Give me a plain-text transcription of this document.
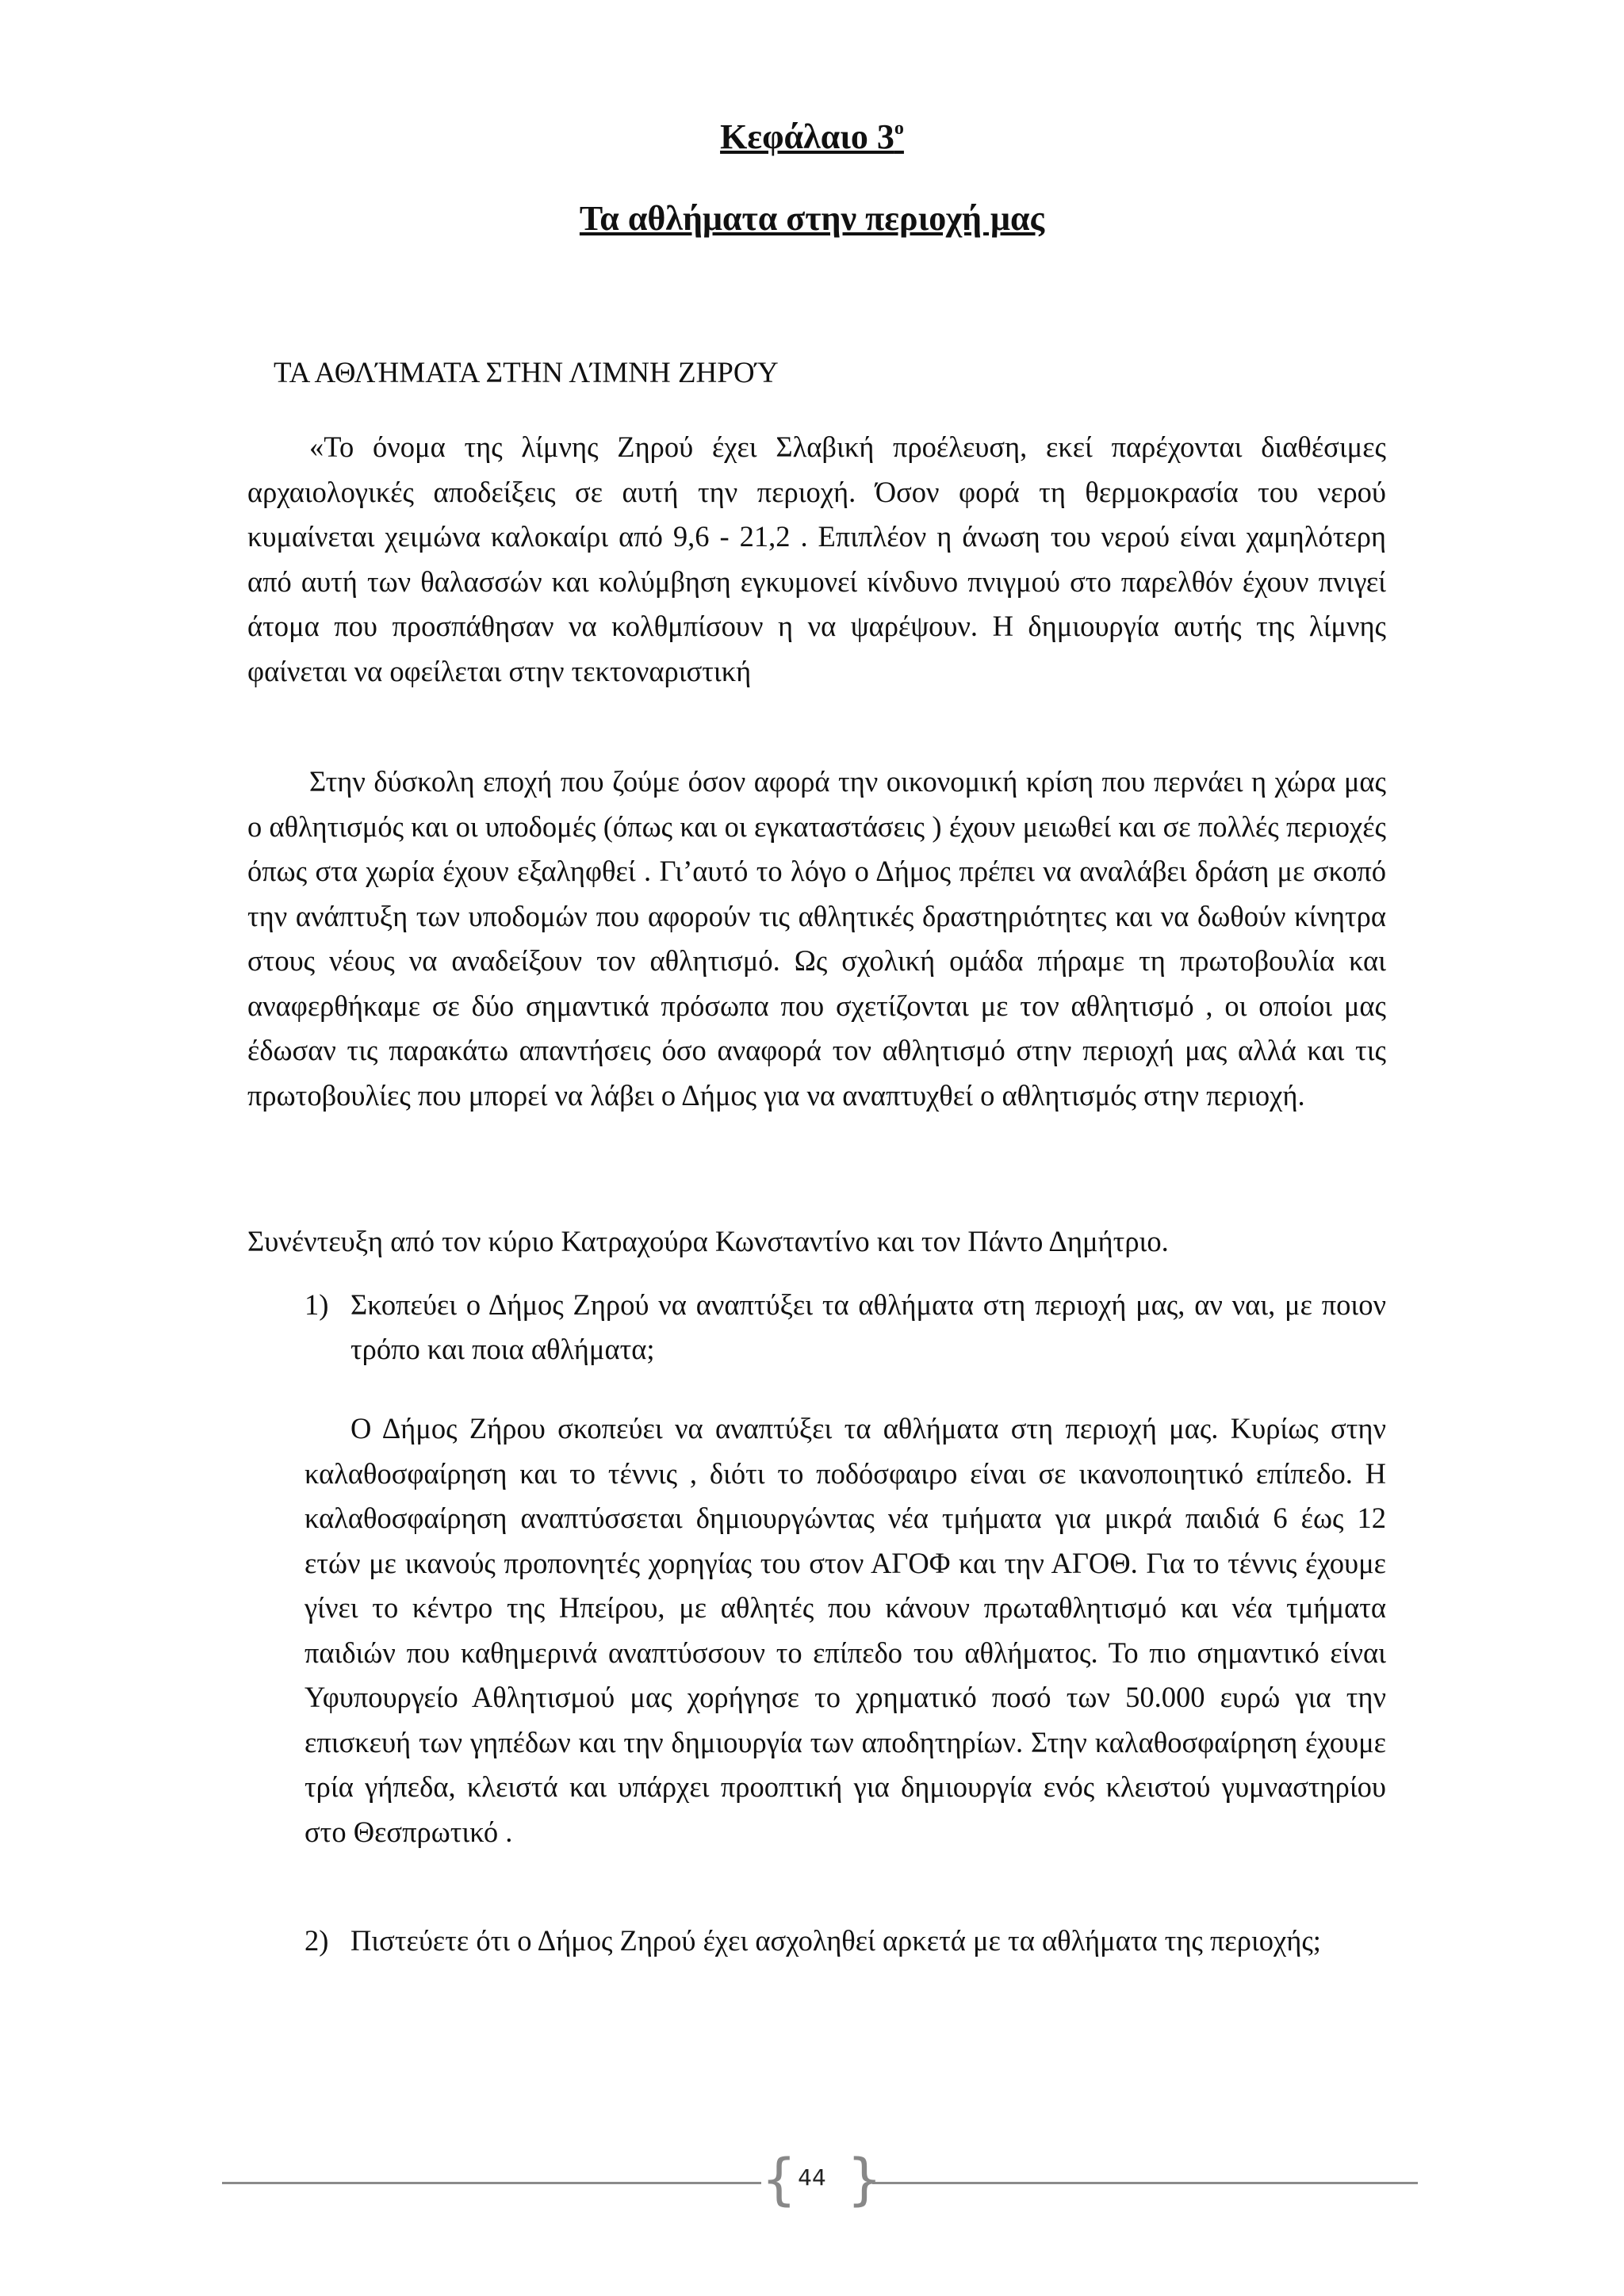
Κεφάλαιο $3^o$
Τα αθλήματα στην περιοχή μας
ΤΑ ΑΘΛΉΜΑΤΑ ΣΤΗΝ ΛΊΜΝΗ ΖΗΡΟΎ

«Το όνομα της λίμνης Ζηρού έχει Σλαβική προέλευση, εκεί παρέχονται διαθέσιμες αρχαιολογικές αποδείξεις σε αυτή την περιοχή. Όσον φορά τη θερμοκρασία του νερού κυμαίνεται χειμώνα καλοκαίρι από 9,6 - 21,2 . Επιπλέον η άνωση του νερού είναι χαμηλότερη από αυτή των θαλασσών και κολύμβηση εγκυμονεί κίνδυνο πνιγμού στο παρελθόν έχουν πνιγεί άτομα που προσπάθησαν να κολθμπίσουν η να ψαρέψουν. Η δημιουργία αυτής της λίμνης φαίνεται να οφείλεται στην τεκτοναριστική

Στην δύσκολη εποχή που ζούμε όσον αφορά την οικονομική κρίση που περνάει η χώρα μας ο αθλητισμός και οι υποδομές (όπως και οι εγκαταστάσεις ) έχουν μειωθεί και σε πολλές περιοχές όπως στα χωρία έχουν εξαληφθεί . Γι’αυτό το λόγο ο Δήμος πρέπει να αναλάβει δράση με σκοπό την ανάπτυξη των υποδομών που αφορούν τις αθλητικές δραστηριότητες και να δωθούν κίνητρα στους νέους να αναδείξουν τον αθλητισμό. Ως σχολική ομάδα πήραμε τη πρωτοβουλία και αναφερθήκαμε σε δύο σημαντικά πρόσωπα που σχετίζονται με τον αθλητισμό , οι οποίοι μας έδωσαν τις παρακάτω απαντήσεις όσο αναφορά τον αθλητισμό στην περιοχή μας αλλά και τις πρωτοβουλίες που μπορεί να λάβει ο Δήμος για να αναπτυχθεί ο αθλητισμός στην περιοχή.

Συνέντευξη από τον κύριο Κατραχούρα Κωνσταντίνο και τον Πάντο Δημήτριο.
1) Σκοπεύει ο Δήμος Ζηρού να αναπτύξει τα αθλήματα στη περιοχή μας, αν ναι, με ποιον τρόπο και ποια αθλήματα;

Ο Δήμος Ζήρου σκοπεύει να αναπτύξει τα αθλήματα στη περιοχή μας. Κυρίως στην καλαθοσφαίρηση και το τέννις , διότι το ποδόσφαιρο είναι σε ικανοποιητικό επίπεδο. Η καλαθοσφαίρηση αναπτύσσεται δημιουργώντας νέα τμήματα για μικρά παιδιά 6 έως 12 ετών με ικανούς προπονητές χορηγίας του στον ΑΓΟΦ και την ΑΓΟΘ. Για το τέννις έχουμε γίνει το κέντρο της Ηπείρου, με αθλητές που κάνουν πρωταθλητισμό και νέα τμήματα παιδιών που καθημερινά αναπτύσσουν το επίπεδο του αθλήματος. Το πιο σημαντικό είναι Υφυπουργείο Αθλητισμού μας χορήγησε το χρηματικό ποσό των 50.000 ευρώ για την επισκευή των γηπέδων και την δημιουργία των αποδητηρίων. Στην καλαθοσφαίρηση έχουμε τρία γήπεδα, κλειστά και υπάρχει προοπτική για δημιουργία ενός κλειστού γυμναστηρίου στο Θεσπρωτικό .

2) Πιστεύετε ότι ο Δήμος Ζηρού έχει ασχοληθεί αρκετά με τα αθλήματα της περιοχής;
{ }
44
